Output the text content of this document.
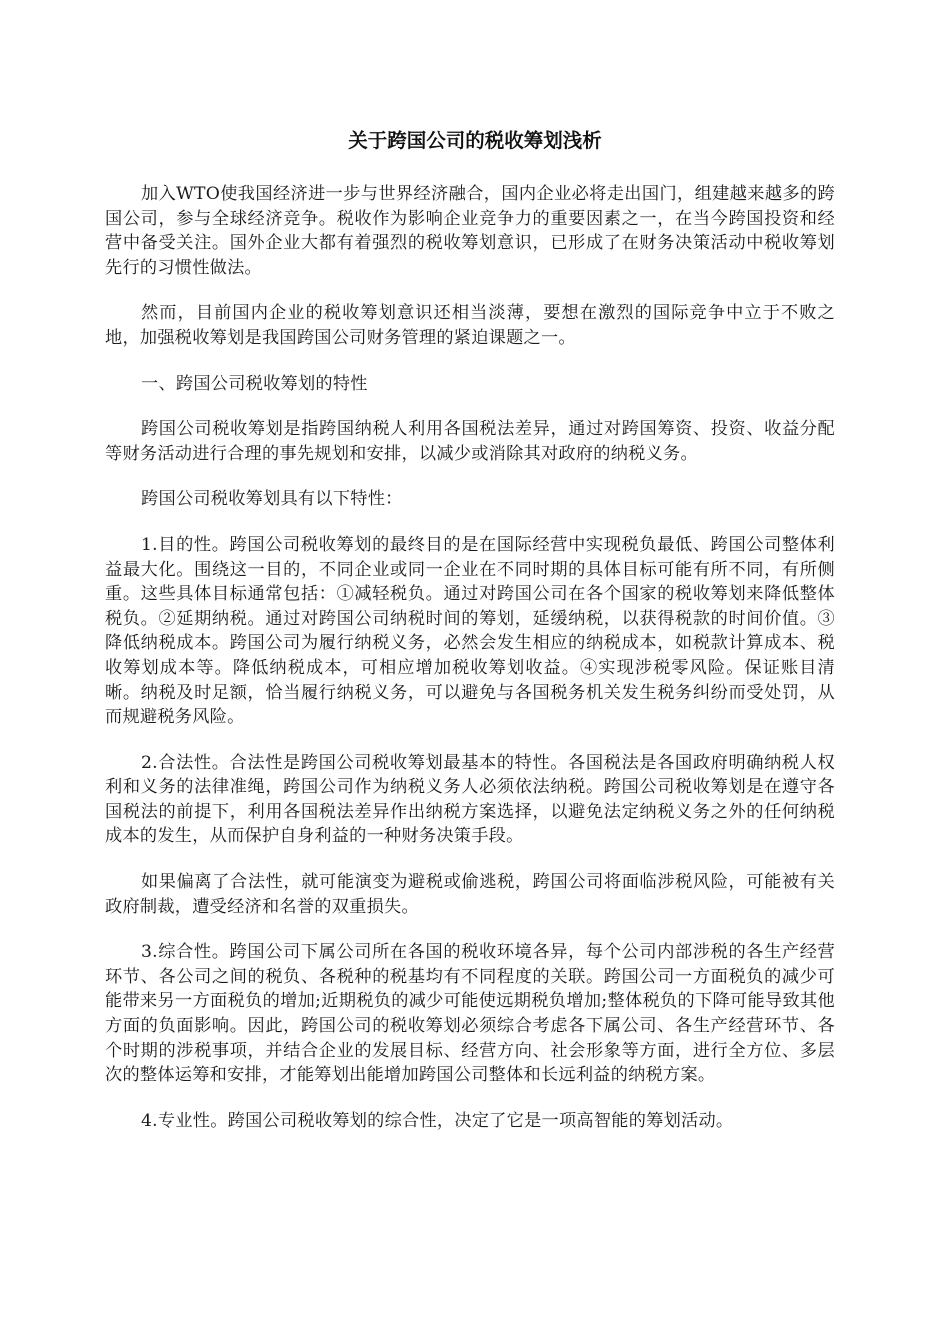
关于跨国公司的税收筹划浅析

加入WTO使我国经济进一步与世界经济融合，国内企业必将走出国门，组建越来越多的跨国公司，参与全球经济竞争。税收作为影响企业竞争力的重要因素之一，在当今跨国投资和经营中备受关注。国外企业大都有着强烈的税收筹划意识，已形成了在财务决策活动中税收筹划先行的习惯性做法。

然而，目前国内企业的税收筹划意识还相当淡薄，要想在激烈的国际竞争中立于不败之地，加强税收筹划是我国跨国公司财务管理的紧迫课题之一。

一、跨国公司税收筹划的特性

跨国公司税收筹划是指跨国纳税人利用各国税法差异，通过对跨国筹资、投资、收益分配等财务活动进行合理的事先规划和安排，以减少或消除其对政府的纳税义务。

跨国公司税收筹划具有以下特性：

1.目的性。跨国公司税收筹划的最终目的是在国际经营中实现税负最低、跨国公司整体利益最大化。围绕这一目的，不同企业或同一企业在不同时期的具体目标可能有所不同，有所侧重。这些具体目标通常包括：①减轻税负。通过对跨国公司在各个国家的税收筹划来降低整体税负。②延期纳税。通过对跨国公司纳税时间的筹划，延缓纳税，以获得税款的时间价值。③降低纳税成本。跨国公司为履行纳税义务，必然会发生相应的纳税成本，如税款计算成本、税收筹划成本等。降低纳税成本，可相应增加税收筹划收益。④实现涉税零风险。保证账目清晰。纳税及时足额，恰当履行纳税义务，可以避免与各国税务机关发生税务纠纷而受处罚，从而规避税务风险。

2.合法性。合法性是跨国公司税收筹划最基本的特性。各国税法是各国政府明确纳税人权利和义务的法律准绳，跨国公司作为纳税义务人必须依法纳税。跨国公司税收筹划是在遵守各国税法的前提下，利用各国税法差异作出纳税方案选择，以避免法定纳税义务之外的任何纳税成本的发生，从而保护自身利益的一种财务决策手段。

如果偏离了合法性，就可能演变为避税或偷逃税，跨国公司将面临涉税风险，可能被有关政府制裁，遭受经济和名誉的双重损失。

3.综合性。跨国公司下属公司所在各国的税收环境各异，每个公司内部涉税的各生产经营环节、各公司之间的税负、各税种的税基均有不同程度的关联。跨国公司一方面税负的减少可能带来另一方面税负的增加;近期税负的减少可能使远期税负增加;整体税负的下降可能导致其他方面的负面影响。因此，跨国公司的税收筹划必须综合考虑各下属公司、各生产经营环节、各个时期的涉税事项，并结合企业的发展目标、经营方向、社会形象等方面，进行全方位、多层次的整体运筹和安排，才能筹划出能增加跨国公司整体和长远利益的纳税方案。

4.专业性。跨国公司税收筹划的综合性，决定了它是一项高智能的筹划活动。
